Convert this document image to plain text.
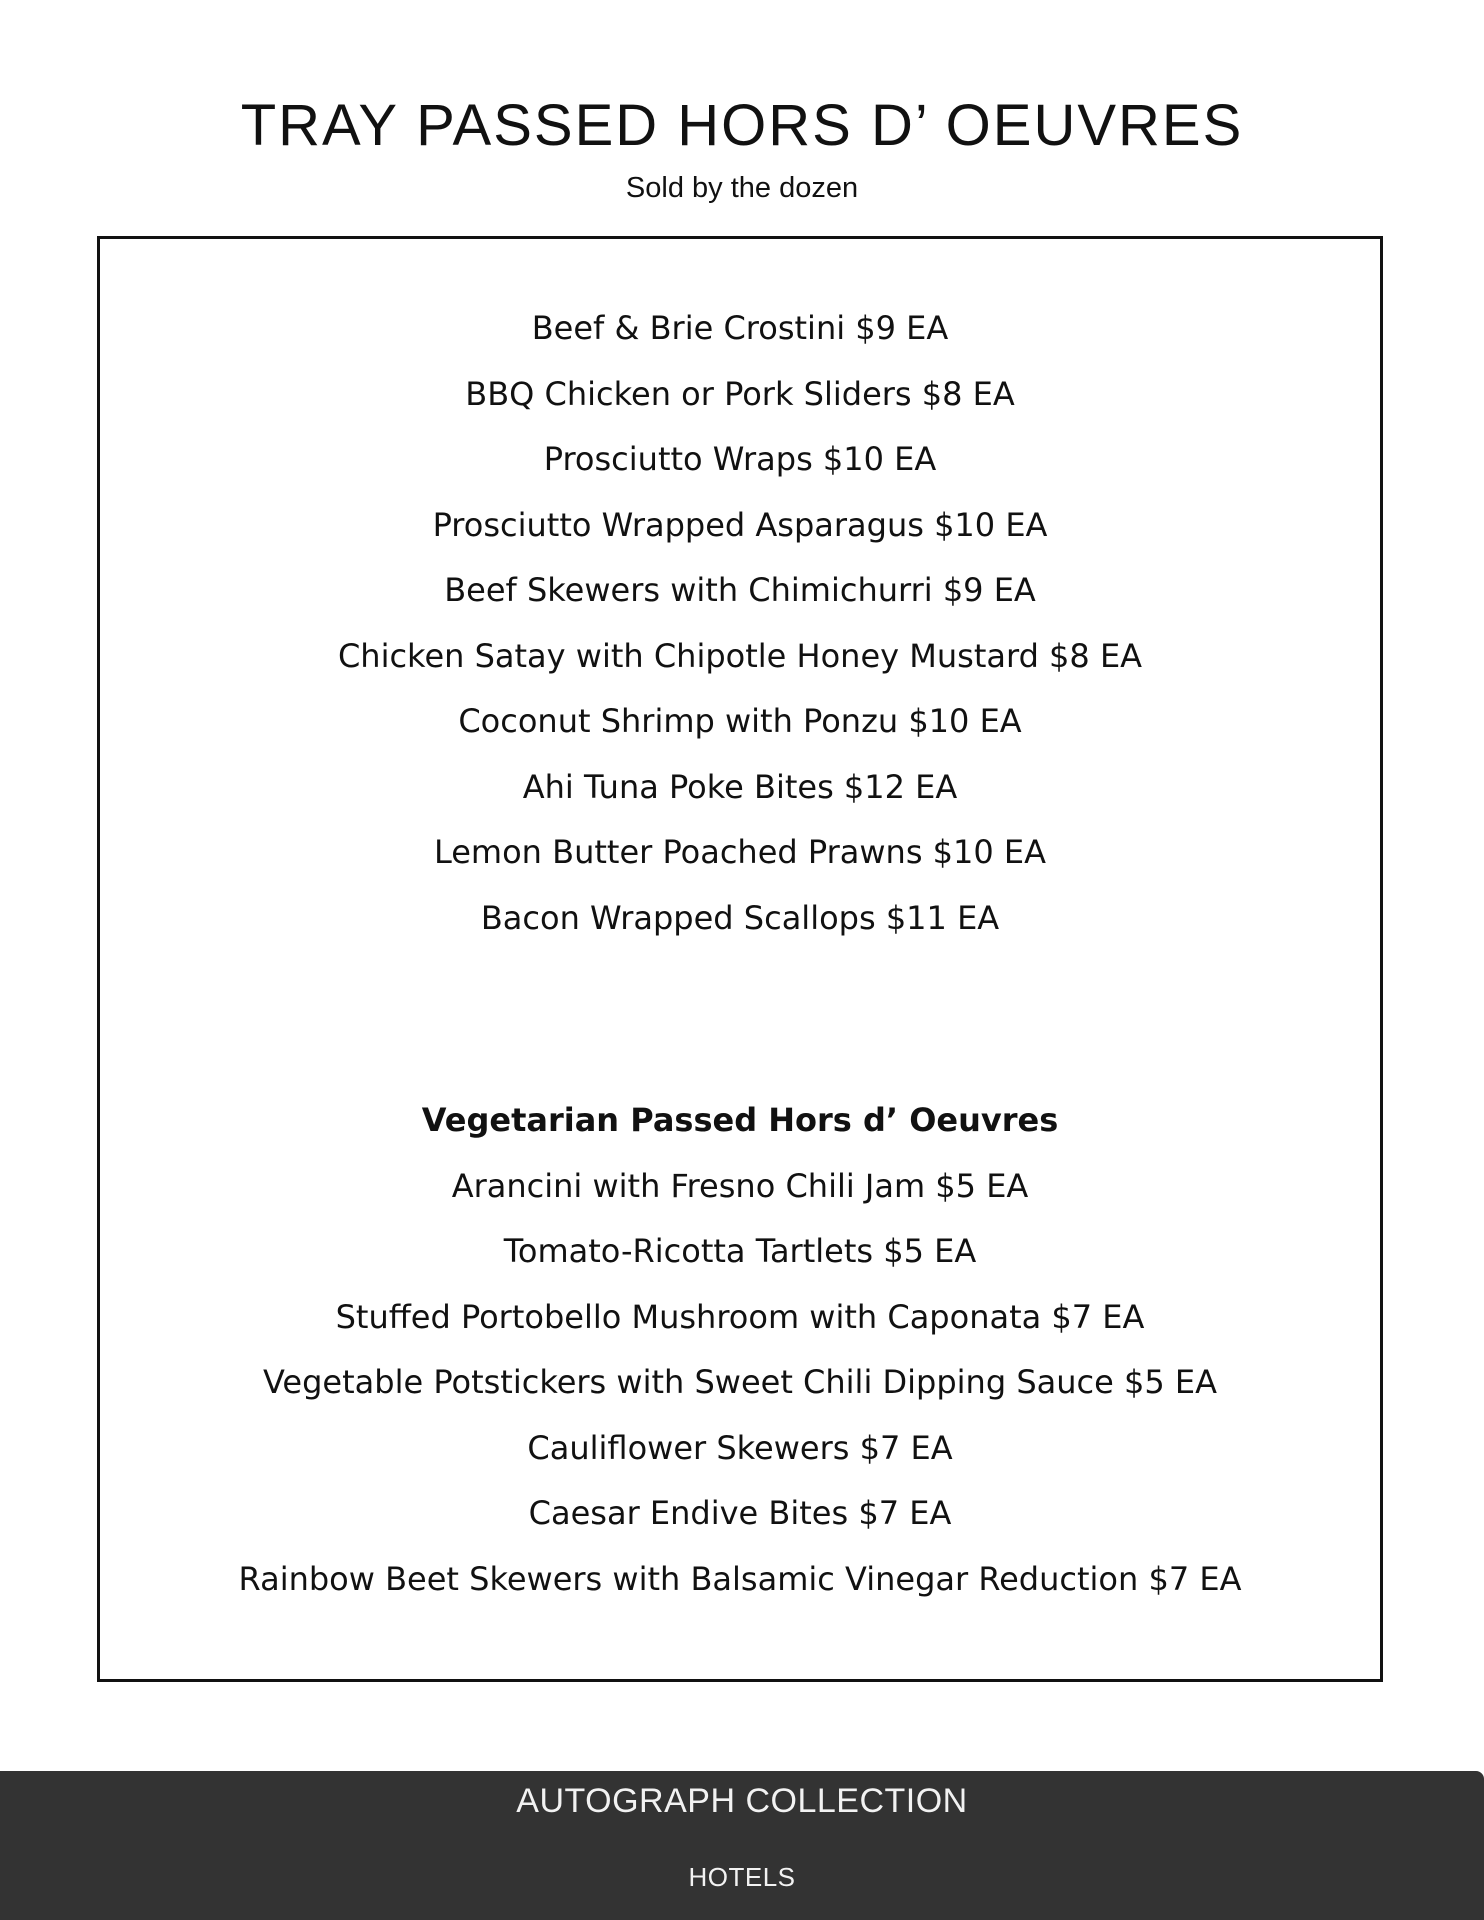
TRAY PASSED HORS D’ OEUVRES
Sold by the dozen
Beef & Brie Crostini $9 EA
BBQ Chicken or Pork Sliders $8 EA
Prosciutto Wraps $10 EA
Prosciutto Wrapped Asparagus $10 EA
Beef Skewers with Chimichurri $9 EA
Chicken Satay with Chipotle Honey Mustard $8 EA
Coconut Shrimp with Ponzu $10 EA
Ahi Tuna Poke Bites $12 EA
Lemon Butter Poached Prawns $10 EA
Bacon Wrapped Scallops $11 EA
Vegetarian Passed Hors d’ Oeuvres
Arancini with Fresno Chili Jam $5 EA
Tomato-Ricotta Tartlets $5 EA
Stuffed Portobello Mushroom with Caponata $7 EA
Vegetable Potstickers with Sweet Chili Dipping Sauce $5 EA
Cauliflower Skewers $7 EA
Caesar Endive Bites $7 EA
Rainbow Beet Skewers with Balsamic Vinegar Reduction $7 EA
AUTOGRAPH COLLECTION
HOTELS
